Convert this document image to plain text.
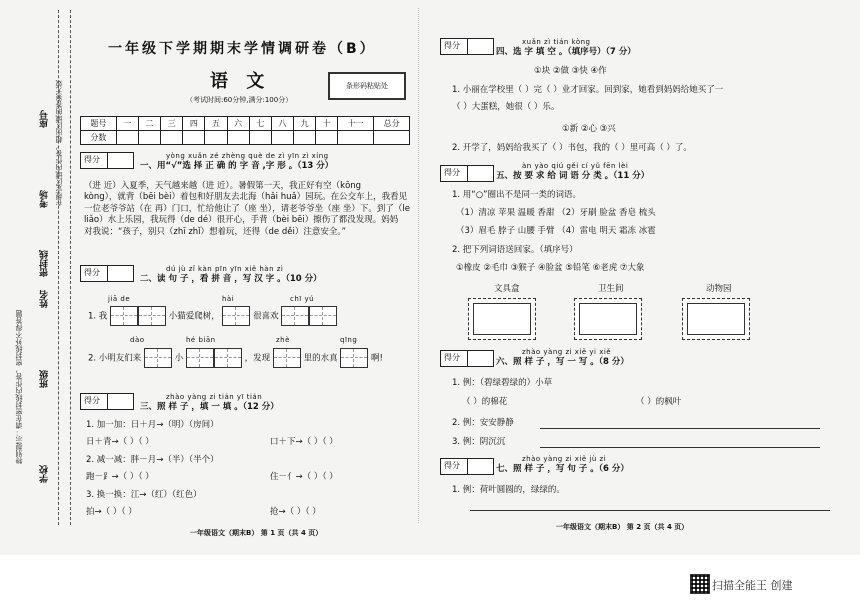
学校
班级
姓名
考场
座号
密封线
特别提示：请在密封线内作答，密封线外不得答题
在规定区域内作答，超出区域的答案无效
一年级下学期期末学情调研卷（B）
语 文
（考试时间:60分钟,满分:100分）
条形码粘贴处
题号	一	二	三	四	五	六	七	八	九	十	十一	总分
分数												
得分	yòng xuǎn zé zhèng què de zì yīn zì xíng
一、用“√”选 择 正 确 的 字 音 ,字 形 。（13 分）
（进 近）入夏季，天气越来越（进 近）。暑假第一天，我正好有空（kōng
kòng），就背（bēi bèi）着包和好朋友去北海（hǎi huǎ）园玩。在公交车上，我看见
一位老爷爷站（在 再）门口，忙给他让了（座 坐），请老爷爷坐（座 坐）下。到了（le
liǎo）水上乐园，我玩得（de dé）很开心，手背（bèi bēi）擦伤了都没发现。妈妈
对我说：“孩子，别只（zhī zhǐ）想着玩，还得（de děi）注意安全。”
得分	dú jù zǐ kàn pīn yīn xiě hàn zì
二、读 句 子 ，看 拼 音 ，写 汉 字 。（10 分）
jiā de	hài	chī yú
1. 我	小猫爱爬树，	很喜欢
dào	hé biān	zhè	qīng
2. 小明友们来	小	，发现	里的水真	啊!
得分	zhào yàng zi tián yī tián
三、照 样 子 ，填 一 填 。（12 分）
1. 加一加：日＋月→（明）（房间）
日＋青→（ ）（ ）	口＋下→（ ）（ ）
2. 减一减：胖－月→（半）（半个）
跑－⻊→（ ）（ ）	住－亻→（ ）（ ）
3. 换一换：江→（红）（红色）
拍→（ ）（ ）	抢→（ ）（ ）
一年级语文（期末B） 第 1 页（共 4 页）
得分	xuǎn zì tián kòng
四、选 字 填 空 。（填序号）（7 分）
①块 ②做 ③快 ④作
1. 小丽在学校里（ ）完（ ）业才回家。回到家，她看到妈妈给她买了一
（ ）大蛋糕，她很（ ）乐。
①新 ②心 ③兴
2. 开学了，妈妈给我买了（ ）书包，我的（ ）里可高（ ）了。
得分
àn yào qiú gěi cí yǔ fēn lèi
五、按 要 求 给 词 语 分 类 。（11 分）
1. 用“○”圈出不是同一类的词语。
（1）清凉 苹果 温暖 香甜 （2）牙刷 脸盆 香皂 梳头
（3）眉毛 脖子 山腰 手臂 （4）雷电 明天 霜冻 冰雹
2. 把下列词语送回家。（填序号）
①橡皮 ②毛巾 ③猴子 ④脸盆 ⑤铅笔 ⑥老虎 ⑦大象
文具盒	卫生间	动物园
得分
zhào yàng zi xiě yi xiě
六、照 样 子 ，写 一 写 。（8 分）
1. 例：（碧绿碧绿的）小草
（ ）的棉花	（ ）的枫叶
2. 例：安安静静
3. 例：阴沉沉
得分
zhào yàng zi xiě jù zi
七、照 样 子 ，写 句 子 。（6 分）
1. 例：荷叶圆圆的，绿绿的。
一年级语文（期末B） 第 2 页（共 4 页）
扫描全能王 创建
